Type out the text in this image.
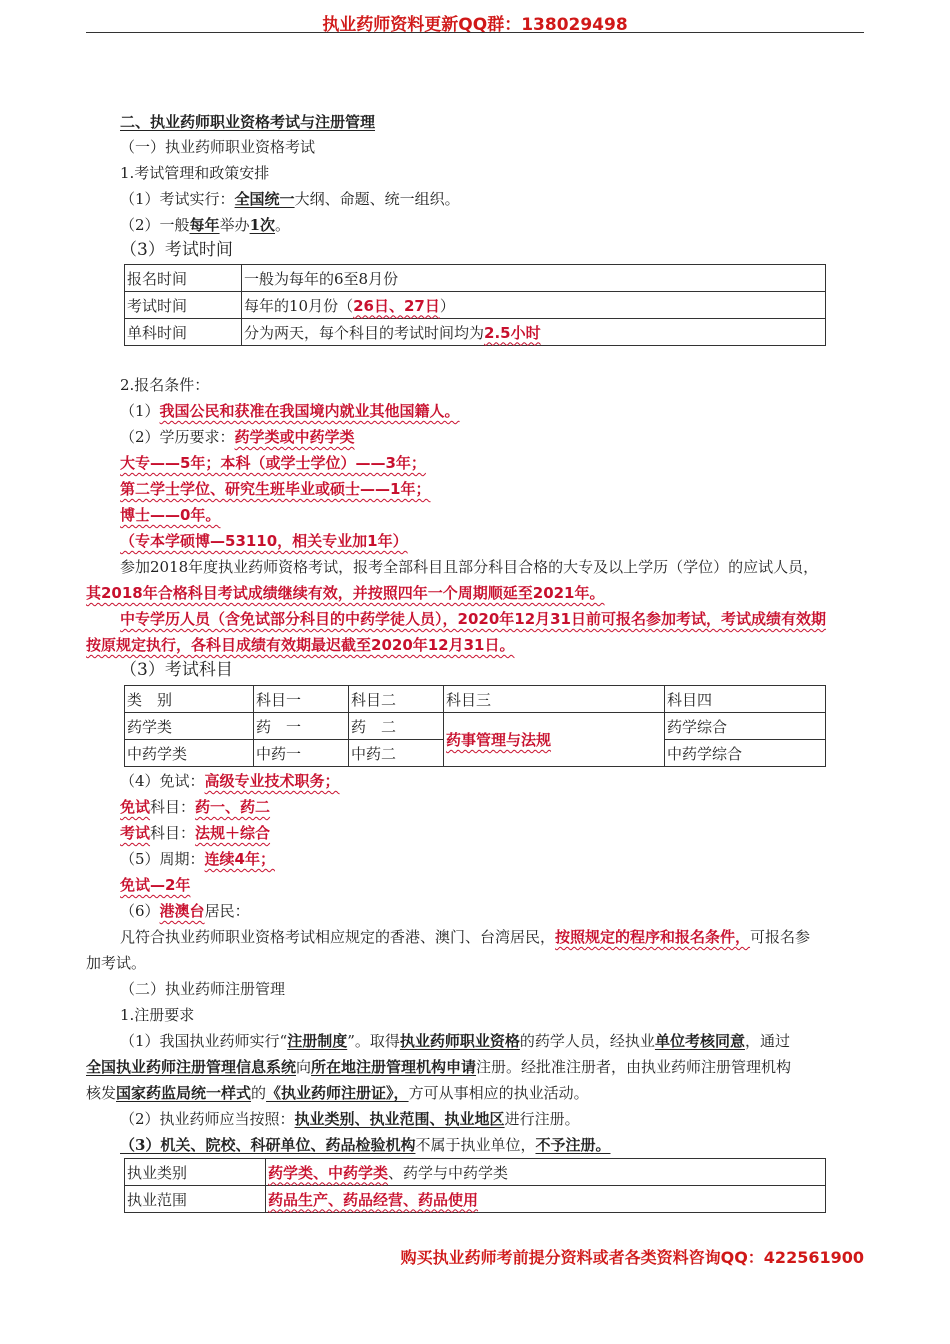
执业药师资料更新QQ群：138029498
二、执业药师职业资格考试与注册管理
（一）执业药师职业资格考试
1.考试管理和政策安排
（1）考试实行：全国统一大纲、命题、统一组织。
（2）一般每年举办1次。
（3）考试时间
报名时间	一般为每年的6至8月份
考试时间	每年的10月份（26日、27日）
单科时间	分为两天，每个科目的考试时间均为2.5小时
2.报名条件：
（1）我国公民和获准在我国境内就业其他国籍人。
（2）学历要求：药学类或中药学类
大专——5年；本科（或学士学位）——3年；
第二学士学位、研究生班毕业或硕士——1年；
博士——0年。
（专本学硕博—53110，相关专业加1年）
参加2018年度执业药师资格考试，报考全部科目且部分科目合格的大专及以上学历（学位）的应试人员，
其2018年合格科目考试成绩继续有效，并按照四年一个周期顺延至2021年。
中专学历人员（含免试部分科目的中药学徒人员），2020年12月31日前可报名参加考试，考试成绩有效期
按原规定执行，各科目成绩有效期最迟截至2020年12月31日。
（3）考试科目
类　别	科目一	科目二	科目三	科目四
药学类	药　一	药　二	药事管理与法规	药学综合
中药学类	中药一	中药二		中药学综合
（4）免试：高级专业技术职务；
免试科目：药一、药二
考试科目：法规＋综合
（5）周期：连续4年；
免试—2年
（6）港澳台居民：
凡符合执业药师职业资格考试相应规定的香港、澳门、台湾居民，按照规定的程序和报名条件，可报名参
加考试。
（二）执业药师注册管理
1.注册要求
（1）我国执业药师实行“注册制度”。取得执业药师职业资格的药学人员，经执业单位考核同意，通过
全国执业药师注册管理信息系统向所在地注册管理机构申请注册。经批准注册者，由执业药师注册管理机构
核发国家药监局统一样式的《执业药师注册证》，方可从事相应的执业活动。
（2）执业药师应当按照：执业类别、执业范围、执业地区进行注册。
（3）机关、院校、科研单位、药品检验机构不属于执业单位，不予注册。
执业类别	药学类、中药学类、药学与中药学类
执业范围	药品生产、药品经营、药品使用
购买执业药师考前提分资料或者各类资料咨询QQ：422561900
